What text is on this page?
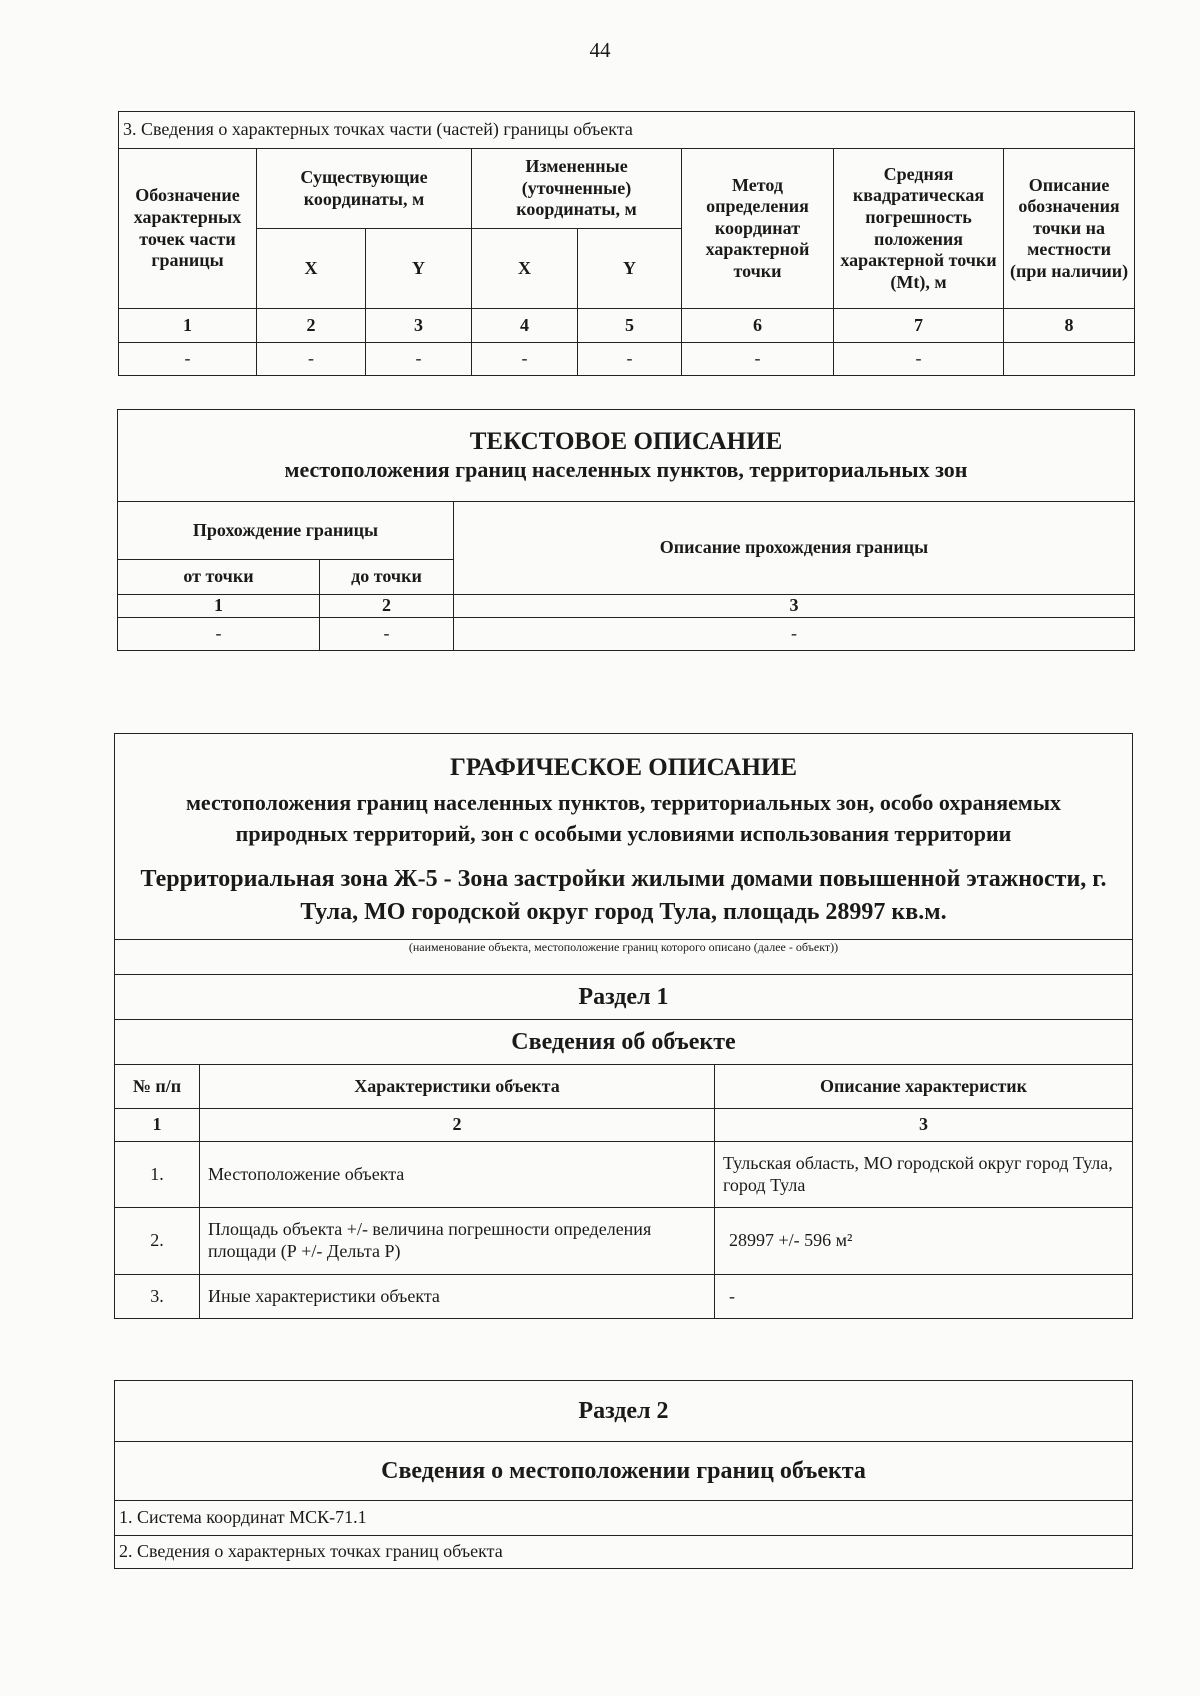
44
3. Сведения о характерных точках части (частей) границы объекта							
Обозначение характерных точек части границы	Существующие координаты, м		Измененные (уточненные) координаты, м		Метод определения координат характерной точки	Средняя квадратическая погрешность положения характерной точки (Mt), м	Описание обозначения точки на местности (при наличии)
	X	Y	X	Y			
1	2	3	4	5	6	7	8
-	-	-	-	-	-	-	
ТЕКСТОВОЕ ОПИСАНИЕ
местоположения границ населенных пунктов, территориальных зон		

Прохождение границы		Описание прохождения границы
от точки	до точки	
1	2	3
-	-	-
ГРАФИЧЕСКОЕ ОПИСАНИЕ
местоположения границ населенных пунктов, территориальных зон, особо охраняемых природных территорий, зон с особыми условиями использования территории
Территориальная зона Ж-5 - Зона застройки жилыми домами повышенной этажности, г. Тула, МО городской округ город Тула, площадь 28997 кв.м.		

(наименование объекта, местоположение границ которого описано (далее - объект))		
Раздел 1		
Сведения об объекте		
№ п/п	Характеристики объекта	Описание характеристик
1	2	3
1.	Местоположение объекта	Тульская область, МО городской округ город Тула, город Тула
2.	Площадь объекта +/- величина погрешности определения площади (Р +/- Дельта Р)	28997 +/- 596 м²
3.	Иные характеристики объекта	-
Раздел 2
Сведения о местоположении границ объекта
1. Система координат МСК-71.1
2. Сведения о характерных точках границ объекта
